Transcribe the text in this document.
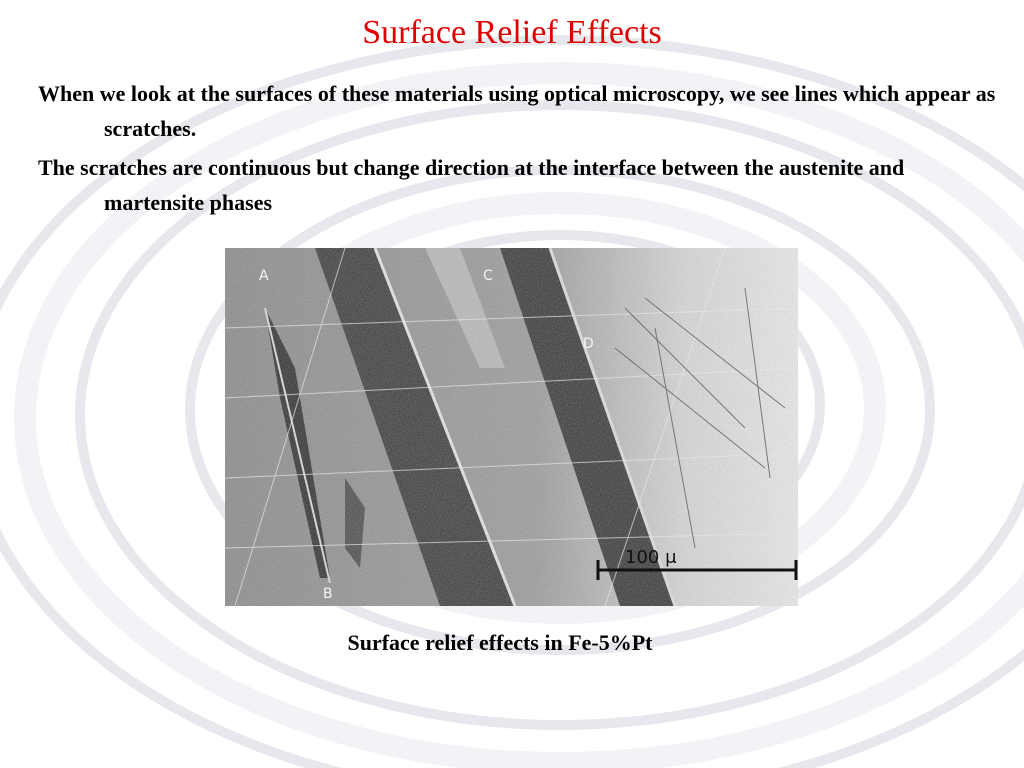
Surface Relief Effects

When we look at the surfaces of these materials using optical microscopy, we see lines which appear as scratches.

The scratches are continuous but change direction at the interface between the austenite and martensite phases

A
B
C
D
100 μ
Surface relief effects in Fe-5%Pt
